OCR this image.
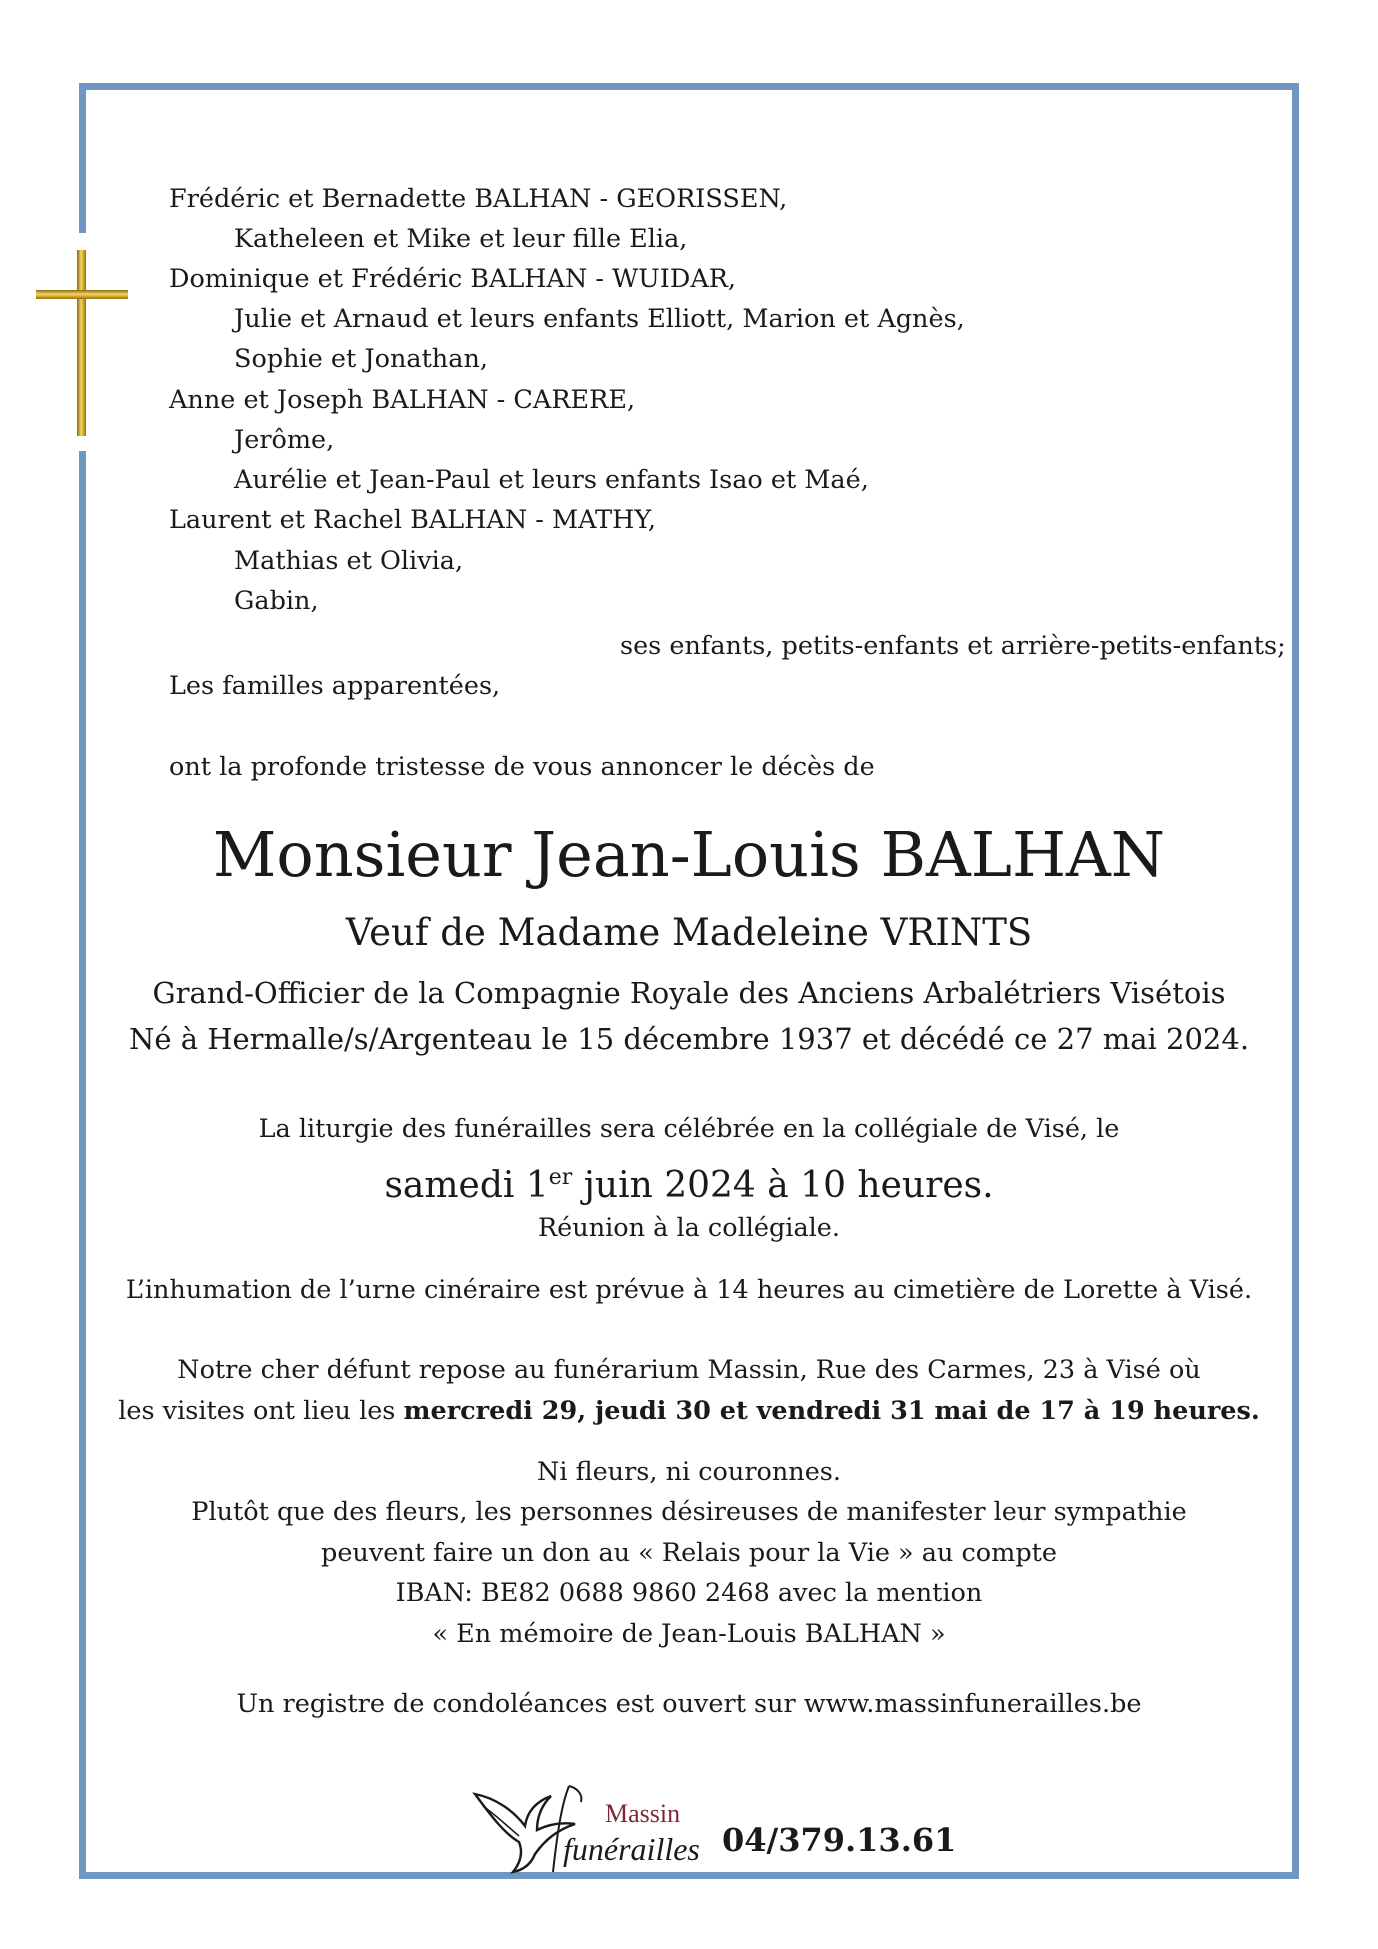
Frédéric et Bernadette BALHAN - GEORISSEN,
Katheleen et Mike et leur fille Elia,
Dominique et Frédéric BALHAN - WUIDAR,
Julie et Arnaud et leurs enfants Elliott, Marion et Agnès,
Sophie et Jonathan,
Anne et Joseph BALHAN - CARERE,
Jerôme,
Aurélie et Jean-Paul et leurs enfants Isao et Maé,
Laurent et Rachel BALHAN - MATHY,
Mathias et Olivia,
Gabin,
ses enfants, petits-enfants et arrière-petits-enfants;
Les familles apparentées,
ont la profonde tristesse de vous annoncer le décès de
Monsieur Jean-Louis BALHAN
Veuf de Madame Madeleine VRINTS
Grand-Officier de la Compagnie Royale des Anciens Arbalétriers Visétois
Né à Hermalle/s/Argenteau le 15 décembre 1937 et décédé ce 27 mai 2024.
La liturgie des funérailles sera célébrée en la collégiale de Visé, le
samedi 1er juin 2024 à 10 heures.
Réunion à la collégiale.
L’inhumation de l’urne cinéraire est prévue à 14 heures au cimetière de Lorette à Visé.
Notre cher défunt repose au funérarium Massin, Rue des Carmes, 23 à Visé où
les visites ont lieu les mercredi 29, jeudi 30 et vendredi 31 mai de 17 à 19 heures.
Ni fleurs, ni couronnes.
Plutôt que des fleurs, les personnes désireuses de manifester leur sympathie
peuvent faire un don au « Relais pour la Vie » au compte
IBAN: BE82 0688 9860 2468 avec la mention
« En mémoire de Jean-Louis BALHAN »
Un registre de condoléances est ouvert sur www.massinfunerailles.be
Massin
funérailles 04/379.13.61
